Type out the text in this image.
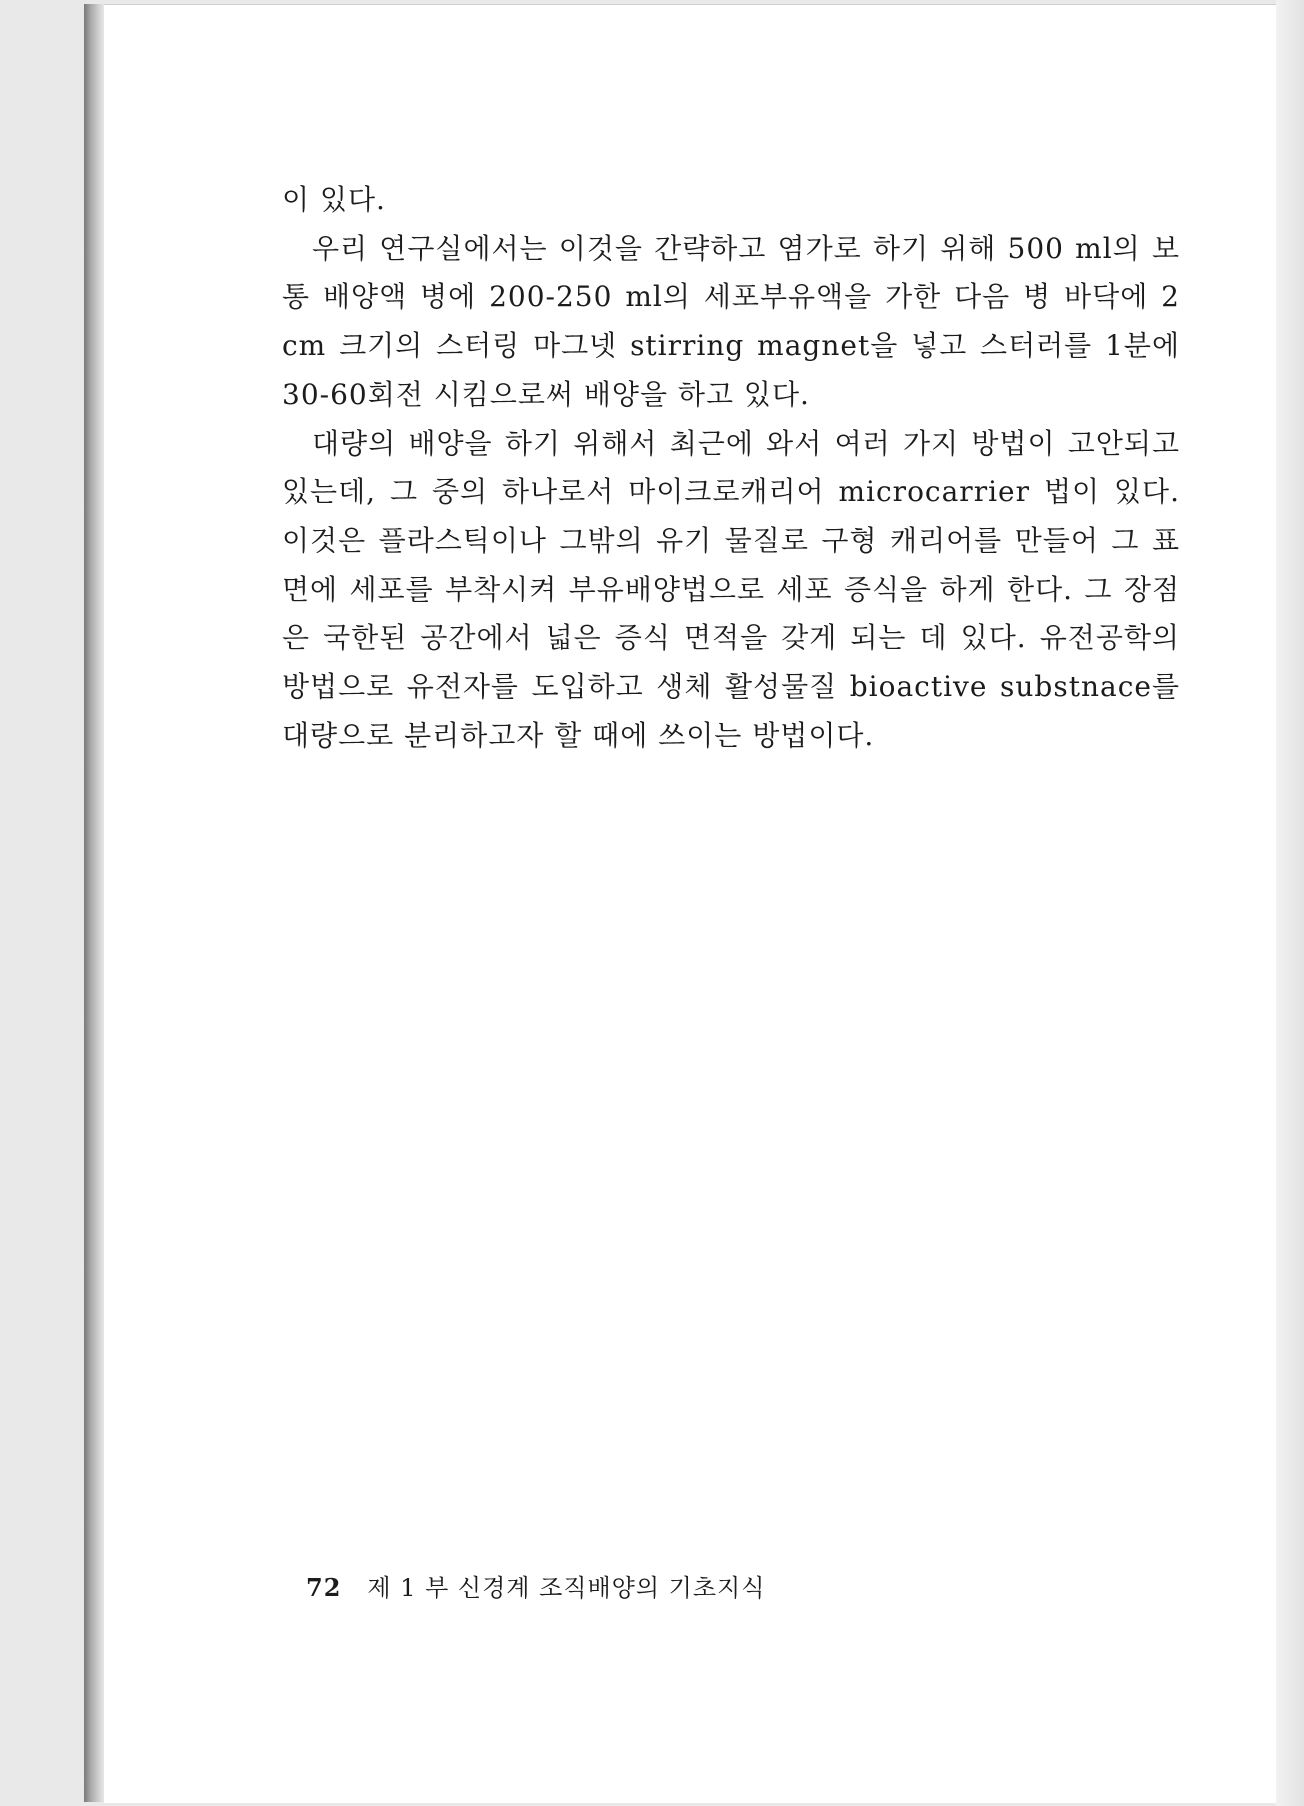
이 있다.

우리 연구실에서는 이것을 간략하고 염가로 하기 위해 500 ml의 보통 배양액 병에 200-250 ml의 세포부유액을 가한 다음 병 바닥에 2 cm 크기의 스터링 마그넷 stirring magnet을 넣고 스터러를 1분에 30-60회전 시킴으로써 배양을 하고 있다.

대량의 배양을 하기 위해서 최근에 와서 여러 가지 방법이 고안되고 있는데, 그 중의 하나로서 마이크로캐리어 microcarrier 법이 있다. 이것은 플라스틱이나 그밖의 유기 물질로 구형 캐리어를 만들어 그 표면에 세포를 부착시켜 부유배양법으로 세포 증식을 하게 한다. 그 장점은 국한된 공간에서 넓은 증식 면적을 갖게 되는 데 있다. 유전공학의 방법으로 유전자를 도입하고 생체 활성물질 bioactive substnace를 대량으로 분리하고자 할 때에 쓰이는 방법이다.

72 제 1 부 신경계 조직배양의 기초지식
